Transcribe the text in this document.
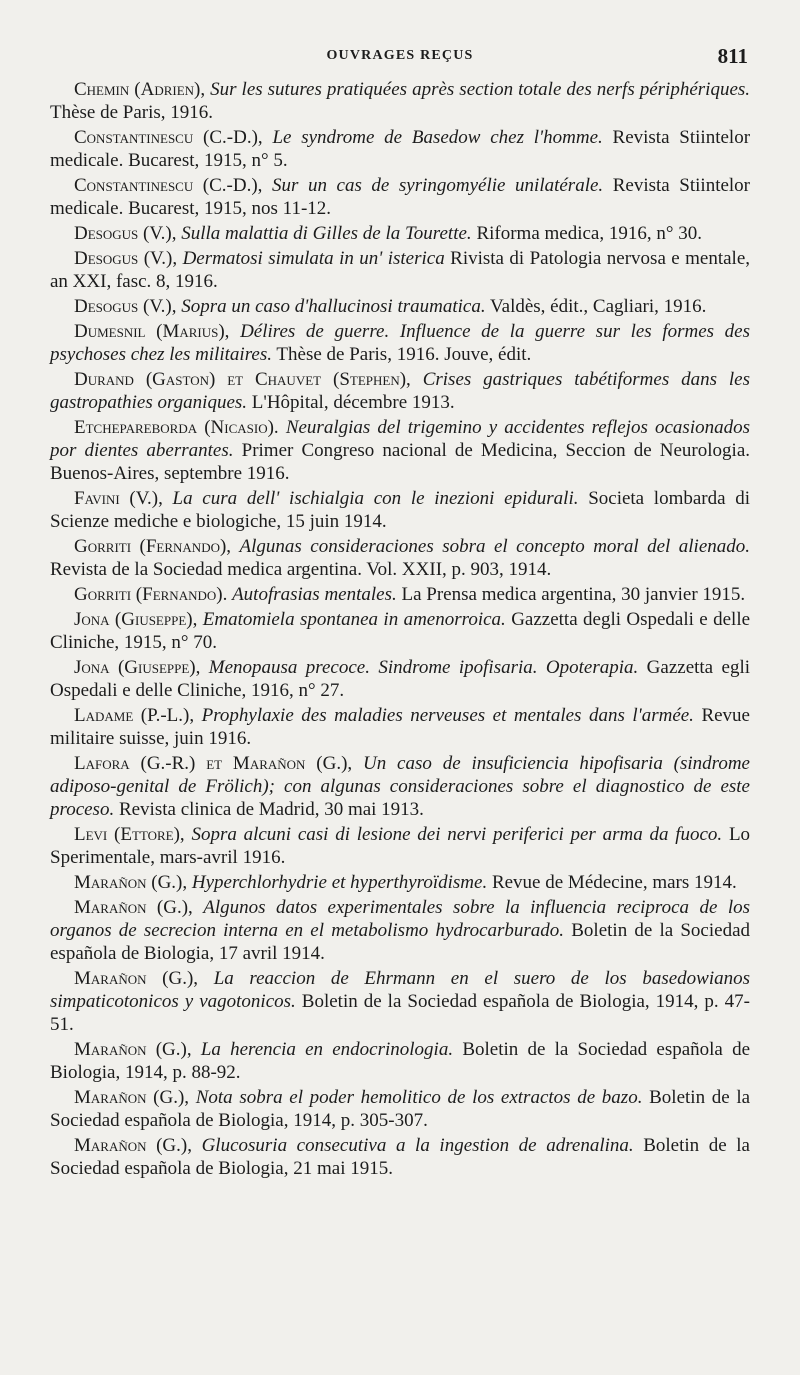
OUVRAGES REÇUS	811

Chemin (Adrien), Sur les sutures pratiquées après section totale des nerfs périphériques. Thèse de Paris, 1916.

Constantinescu (C.-D.), Le syndrome de Basedow chez l'homme. Revista Stiintelor medicale. Bucarest, 1915, n° 5.

Constantinescu (C.-D.), Sur un cas de syringomyélie unilatérale. Revista Stiintelor medicale. Bucarest, 1915, nos 11-12.

Desogus (V.), Sulla malattia di Gilles de la Tourette. Riforma medica, 1916, n° 30.

Desogus (V.), Dermatosi simulata in un' isterica Rivista di Patologia nervosa e mentale, an XXI, fasc. 8, 1916.

Desogus (V.), Sopra un caso d'hallucinosi traumatica. Valdès, édit., Cagliari, 1916.

Dumesnil (Marius), Délires de guerre. Influence de la guerre sur les formes des psychoses chez les militaires. Thèse de Paris, 1916. Jouve, édit.

Durand (Gaston) et Chauvet (Stephen), Crises gastriques tabétiformes dans les gastropathies organiques. L'Hôpital, décembre 1913.

Etchepareborda (Nicasio). Neuralgias del trigemino y accidentes reflejos ocasionados por dientes aberrantes. Primer Congreso nacional de Medicina, Seccion de Neurologia. Buenos-Aires, septembre 1916.

Favini (V.), La cura dell' ischialgia con le inezioni epidurali. Societa lombarda di Scienze mediche e biologiche, 15 juin 1914.

Gorriti (Fernando), Algunas consideraciones sobra el concepto moral del alienado. Revista de la Sociedad medica argentina. Vol. XXII, p. 903, 1914.

Gorriti (Fernando). Autofrasias mentales. La Prensa medica argentina, 30 janvier 1915.

Jona (Giuseppe), Ematomiela spontanea in amenorroica. Gazzetta degli Ospedali e delle Cliniche, 1915, n° 70.

Jona (Giuseppe), Menopausa precoce. Sindrome ipofisaria. Opoterapia. Gazzetta egli Ospedali e delle Cliniche, 1916, n° 27.

Ladame (P.-L.), Prophylaxie des maladies nerveuses et mentales dans l'armée. Revue militaire suisse, juin 1916.

Lafora (G.-R.) et Marañon (G.), Un caso de insuficiencia hipofisaria (sindrome adiposo-genital de Frölich); con algunas consideraciones sobre el diagnostico de este proceso. Revista clinica de Madrid, 30 mai 1913.

Levi (Ettore), Sopra alcuni casi di lesione dei nervi periferici per arma da fuoco. Lo Sperimentale, mars-avril 1916.

Marañon (G.), Hyperchlorhydrie et hyperthyroïdisme. Revue de Médecine, mars 1914.

Marañon (G.), Algunos datos experimentales sobre la influencia reciproca de los organos de secrecion interna en el metabolismo hydrocarburado. Boletin de la Sociedad española de Biologia, 17 avril 1914.

Marañon (G.), La reaccion de Ehrmann en el suero de los basedowianos simpaticotonicos y vagotonicos. Boletin de la Sociedad española de Biologia, 1914, p. 47-51.

Marañon (G.), La herencia en endocrinologia. Boletin de la Sociedad española de Biologia, 1914, p. 88-92.

Marañon (G.), Nota sobra el poder hemolitico de los extractos de bazo. Boletin de la Sociedad española de Biologia, 1914, p. 305-307.

Marañon (G.), Glucosuria consecutiva a la ingestion de adrenalina. Boletin de la Sociedad española de Biologia, 21 mai 1915.
